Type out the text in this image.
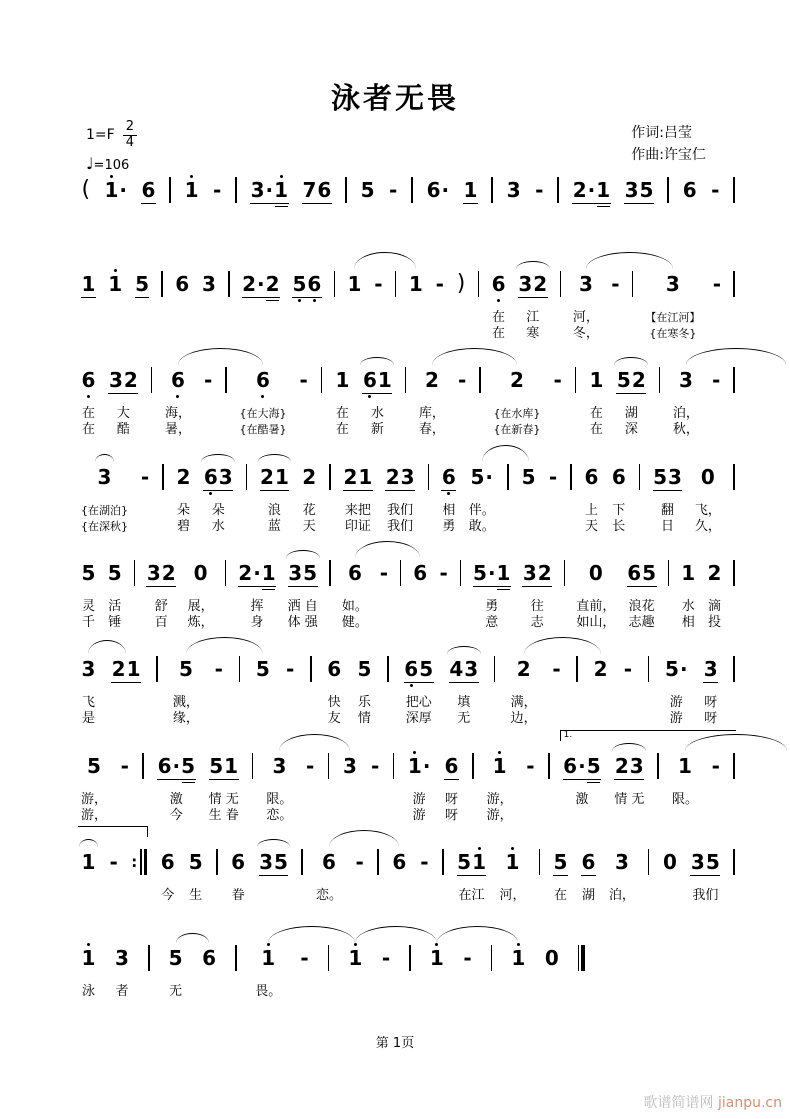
泳者无畏
$1=F \frac{2}{4}$
♩=106
作词:吕莹
作曲:许宝仁
( 1 · 6 1 - 3 · 1 7 6 5 - 6 · 1 3 - 2 · 1 3 5 6 -
1 1 5 6 3 2 · 2 5 6 1 - 1 - ) 6
在
在
3 2
江
寒
3
河，
冬，
- 3
【在江河】
{在寒冬}
-
6
在
在
3 2
大
酷
6
海，
暑，
- 6
{在大海}
{在酷暑}
- 1
在
在
6 1
水
新
2
库，
春，
- 2
{在水库}
{在新春}
- 1
在
在
5 2
湖
深
3
泊，
秋，
-
3
{在湖泊}
{在深秋}
- 2
朵
碧
6 3
朵
水
2 1
浪
蓝
2
花
天
2 1
来把
印证
2 3
我们
我们
6
相
勇
5 ·
伴。
敢。
5 - 6
上
天
6
下
长
5 3
翻
日
0
飞，
久，
5
灵
千
5
活
锤
3 2
舒
百
0
展，
炼，
2 · 1
挥
身
3 5
洒 自
体 强
6
如。
健。
- 6 - 5 · 1
勇
意
3 2
往
志
0
直前，
如山，
6 5
浪花
志趣
1
水
相
2
滴
投
3
飞
是
2 1 5
溅，
缘，
- 5 - 6
快
友
5
乐
情
6 5
把心
深厚
4 3
填
无
2
满，
边，
- 2 - 5 ·
游
游
3
呀
呀
5
游，
游，
- 6 · 5
激
今
5 1
情 无
生 眷
3
限。
恋。
- 3 - 1 ·
游
游
6
呀
呀
1
游，
游，
- 6 · 5
激
2 3
情 无
1
限。
-
1.
1 - : 6
今
5
生
6
眷
3 5 6
恋。
- 6 - 5 1
在江
1
河，
5
在
6
湖
3
泊，
0 3 5
我们
1
泳
3
者
5
无
6 1
畏。
- 1 - 1 - 1 0
第 1页
歌谱简谱网 jianpu.cn
